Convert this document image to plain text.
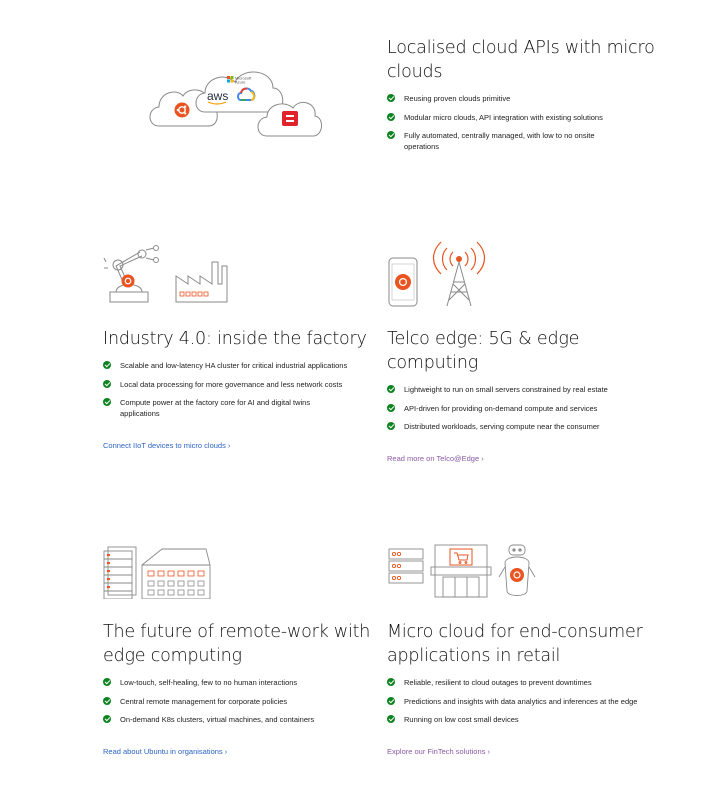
Microsoft
Azure
aws
Localised cloud APIs with micro clouds
Reusing proven clouds primitive
Modular micro clouds, API integration with existing solutions
Fully automated, centrally managed, with low to no onsite operations
Industry 4.0: inside the factory
Scalable and low-latency HA cluster for critical industrial applications
Local data processing for more governance and less network costs
Compute power at the factory core for AI and digital twins applications
Connect IIoT devices to micro clouds ›
Telco edge: 5G & edge computing
Lightweight to run on small servers constrained by real estate
API-driven for providing on-demand compute and services
Distributed workloads, serving compute near the consumer
Read more on Telco@Edge ›
The future of remote-work with edge computing
Low-touch, self-healing, few to no human interactions
Central remote management for corporate policies
On-demand K8s clusters, virtual machines, and containers
Read about Ubuntu in organisations ›
Micro cloud for end-consumer applications in retail
Reliable, resilient to cloud outages to prevent downtimes
Predictions and insights with data analytics and inferences at the edge
Running on low cost small devices
Explore our FinTech solutions ›
